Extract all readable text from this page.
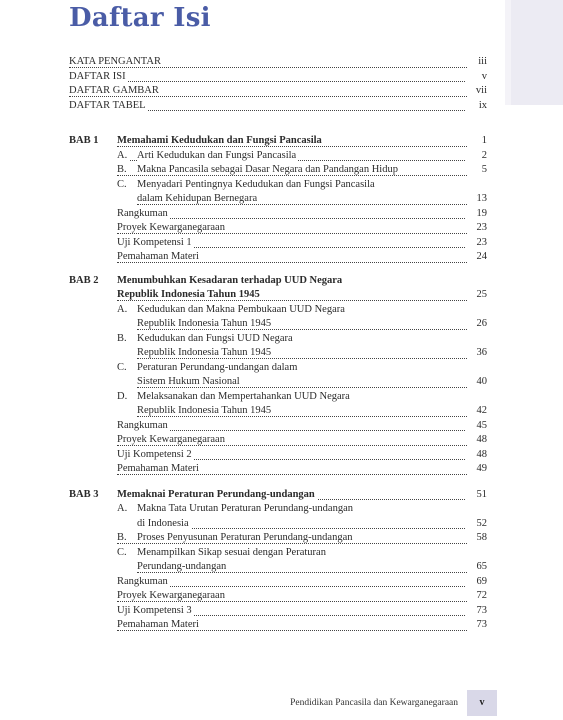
Daftar Isi
KATA PENGANTAR	iii
DAFTAR ISI	v
DAFTAR GAMBAR	vii
DAFTAR TABEL	ix
BAB 1 Memahami Kedudukan dan Fungsi Pancasila	1
A. Arti Kedudukan dan Fungsi Pancasila	2
B. Makna Pancasila sebagai Dasar Negara dan Pandangan Hidup	5
C. Menyadari Pentingnya Kedudukan dan Fungsi Pancasila
dalam Kehidupan Bernegara	13
Rangkuman	19
Proyek Kewarganegaraan	23
Uji Kompetensi 1	23
Pemahaman Materi	24
BAB 2 Menumbuhkan Kesadaran terhadap UUD Negara
Republik Indonesia Tahun 1945	25
A. Kedudukan dan Makna Pembukaan UUD Negara
Republik Indonesia Tahun 1945	26
B. Kedudukan dan Fungsi UUD Negara
Republik Indonesia Tahun 1945	36
C. Peraturan Perundang-undangan dalam
Sistem Hukum Nasional	40
D. Melaksanakan dan Mempertahankan UUD Negara
Republik Indonesia Tahun 1945	42
Rangkuman	45
Proyek Kewarganegaraan	48
Uji Kompetensi 2	48
Pemahaman Materi	49
BAB 3 Memaknai Peraturan Perundang-undangan	51
A. Makna Tata Urutan Peraturan Perundang-undangan
di Indonesia	52
B. Proses Penyusunan Peraturan Perundang-undangan	58
C. Menampilkan Sikap sesuai dengan Peraturan
Perundang-undangan	65
Rangkuman	69
Proyek Kewarganegaraan	72
Uji Kompetensi 3	73
Pemahaman Materi	73
Pendidikan Pancasila dan Kewarganegaraan	v
